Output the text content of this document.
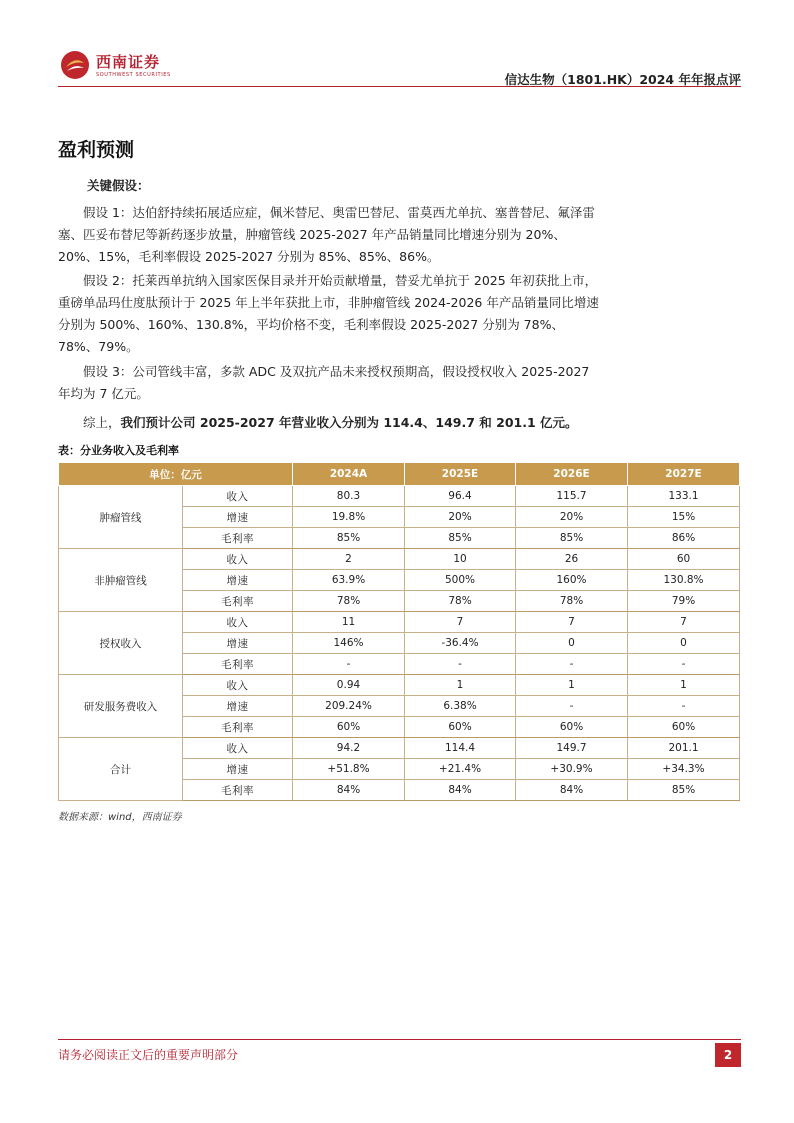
西南证券
SOUTHWEST SECURITIES	信达生物（1801.HK）2024 年年报点评
盈利预测
关键假设：
假设 1：达伯舒持续拓展适应症，佩米替尼、奥雷巴替尼、雷莫西尤单抗、塞普替尼、氟泽雷塞、匹妥布替尼等新药逐步放量，肿瘤管线 2025-2027 年产品销量同比增速分别为 20%、20%、15%，毛利率假设 2025-2027 分别为 85%、85%、86%。
假设 2：托莱西单抗纳入国家医保目录并开始贡献增量，替妥尤单抗于 2025 年初获批上市，重磅单品玛仕度肽预计于 2025 年上半年获批上市，非肿瘤管线 2024-2026 年产品销量同比增速分别为 500%、160%、130.8%，平均价格不变，毛利率假设 2025-2027 分别为 78%、78%、79%。
假设 3：公司管线丰富，多款 ADC 及双抗产品未来授权预期高，假设授权收入 2025-2027 年均为 7 亿元。
综上，我们预计公司 2025-2027 年营业收入分别为 114.4、149.7 和 201.1 亿元。
表：分业务收入及毛利率
单位：亿元		2024A	2025E	2026E	2027E
肿瘤管线	收入	80.3	96.4	115.7	133.1
	增速	19.8%	20%	20%	15%
	毛利率	85%	85%	85%	86%
非肿瘤管线	收入	2	10	26	60
	增速	63.9%	500%	160%	130.8%
	毛利率	78%	78%	78%	79%
授权收入	收入	11	7	7	7
	增速	146%	-36.4%	0	0
	毛利率	-	-	-	-
研发服务费收入	收入	0.94	1	1	1
	增速	209.24%	6.38%	-	-
	毛利率	60%	60%	60%	60%
合计	收入	94.2	114.4	149.7	201.1
	增速	+51.8%	+21.4%	+30.9%	+34.3%
	毛利率	84%	84%	84%	85%
数据来源：wind，西南证券
请务必阅读正文后的重要声明部分	2
